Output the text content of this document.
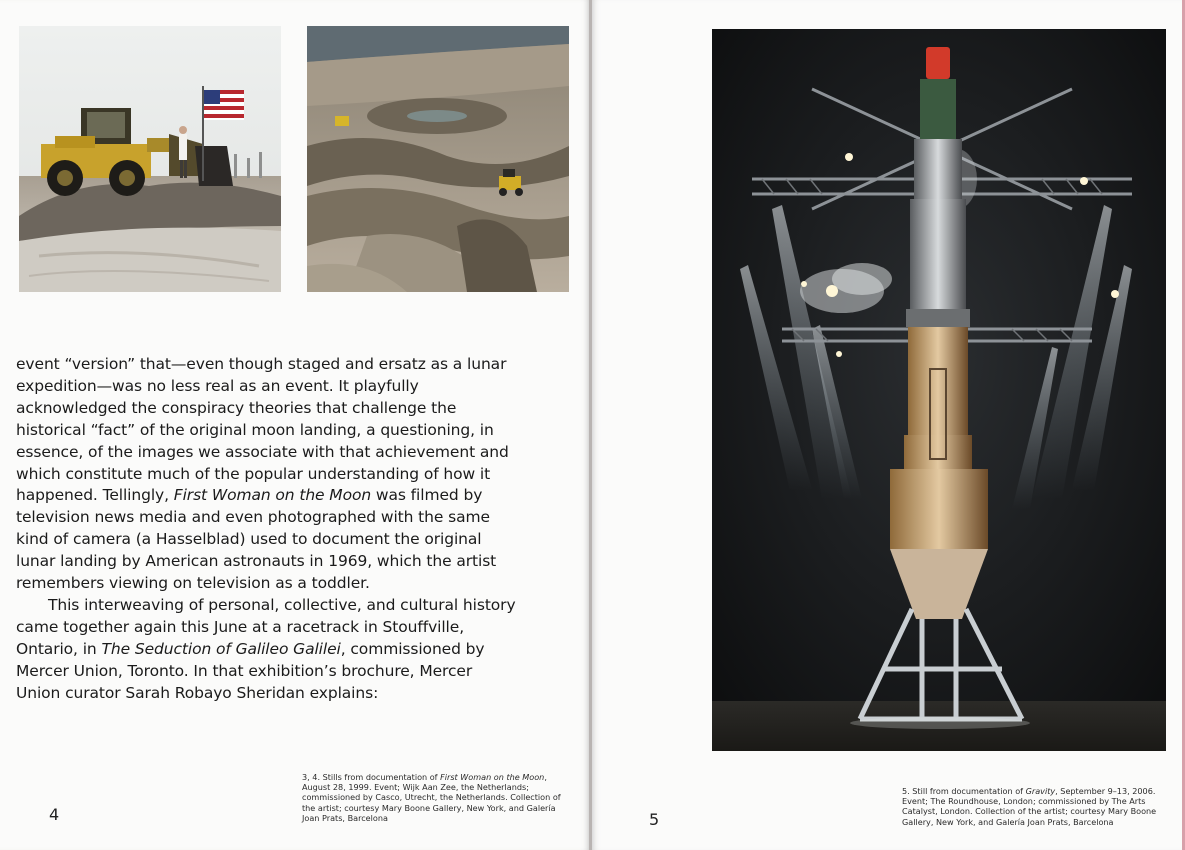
event “version” that—even though staged and ersatz as a lunar expedition—was no less real as an event. It playfully acknowledged the conspiracy theories that challenge the historical “fact” of the original moon landing, a questioning, in essence, of the images we associate with that achievement and which constitute much of the popular understanding of how it happened. Tellingly, First Woman on the Moon was filmed by television news media and even photographed with the same kind of camera (a Hasselblad) used to document the original lunar landing by American astronauts in 1969, which the artist remembers viewing on television as a toddler.

This interweaving of personal, collective, and cultural history came together again this June at a racetrack in Stouffville, Ontario, in The Seduction of Galileo Galilei, commissioned by Mercer Union, Toronto. In that exhibition’s brochure, Mercer Union curator Sarah Robayo Sheridan explains:

3, 4. Stills from documentation of First Woman on the Moon, August 28, 1999. Event; Wijk Aan Zee, the Netherlands; commissioned by Casco, Utrecht, the Netherlands. Collection of the artist; courtesy Mary Boone Gallery, New York, and Galería Joan Prats, Barcelona
4
5. Still from documentation of Gravity, September 9–13, 2006. Event; The Roundhouse, London; commissioned by The Arts Catalyst, London. Collection of the artist; courtesy Mary Boone Gallery, New York, and Galería Joan Prats, Barcelona
5
